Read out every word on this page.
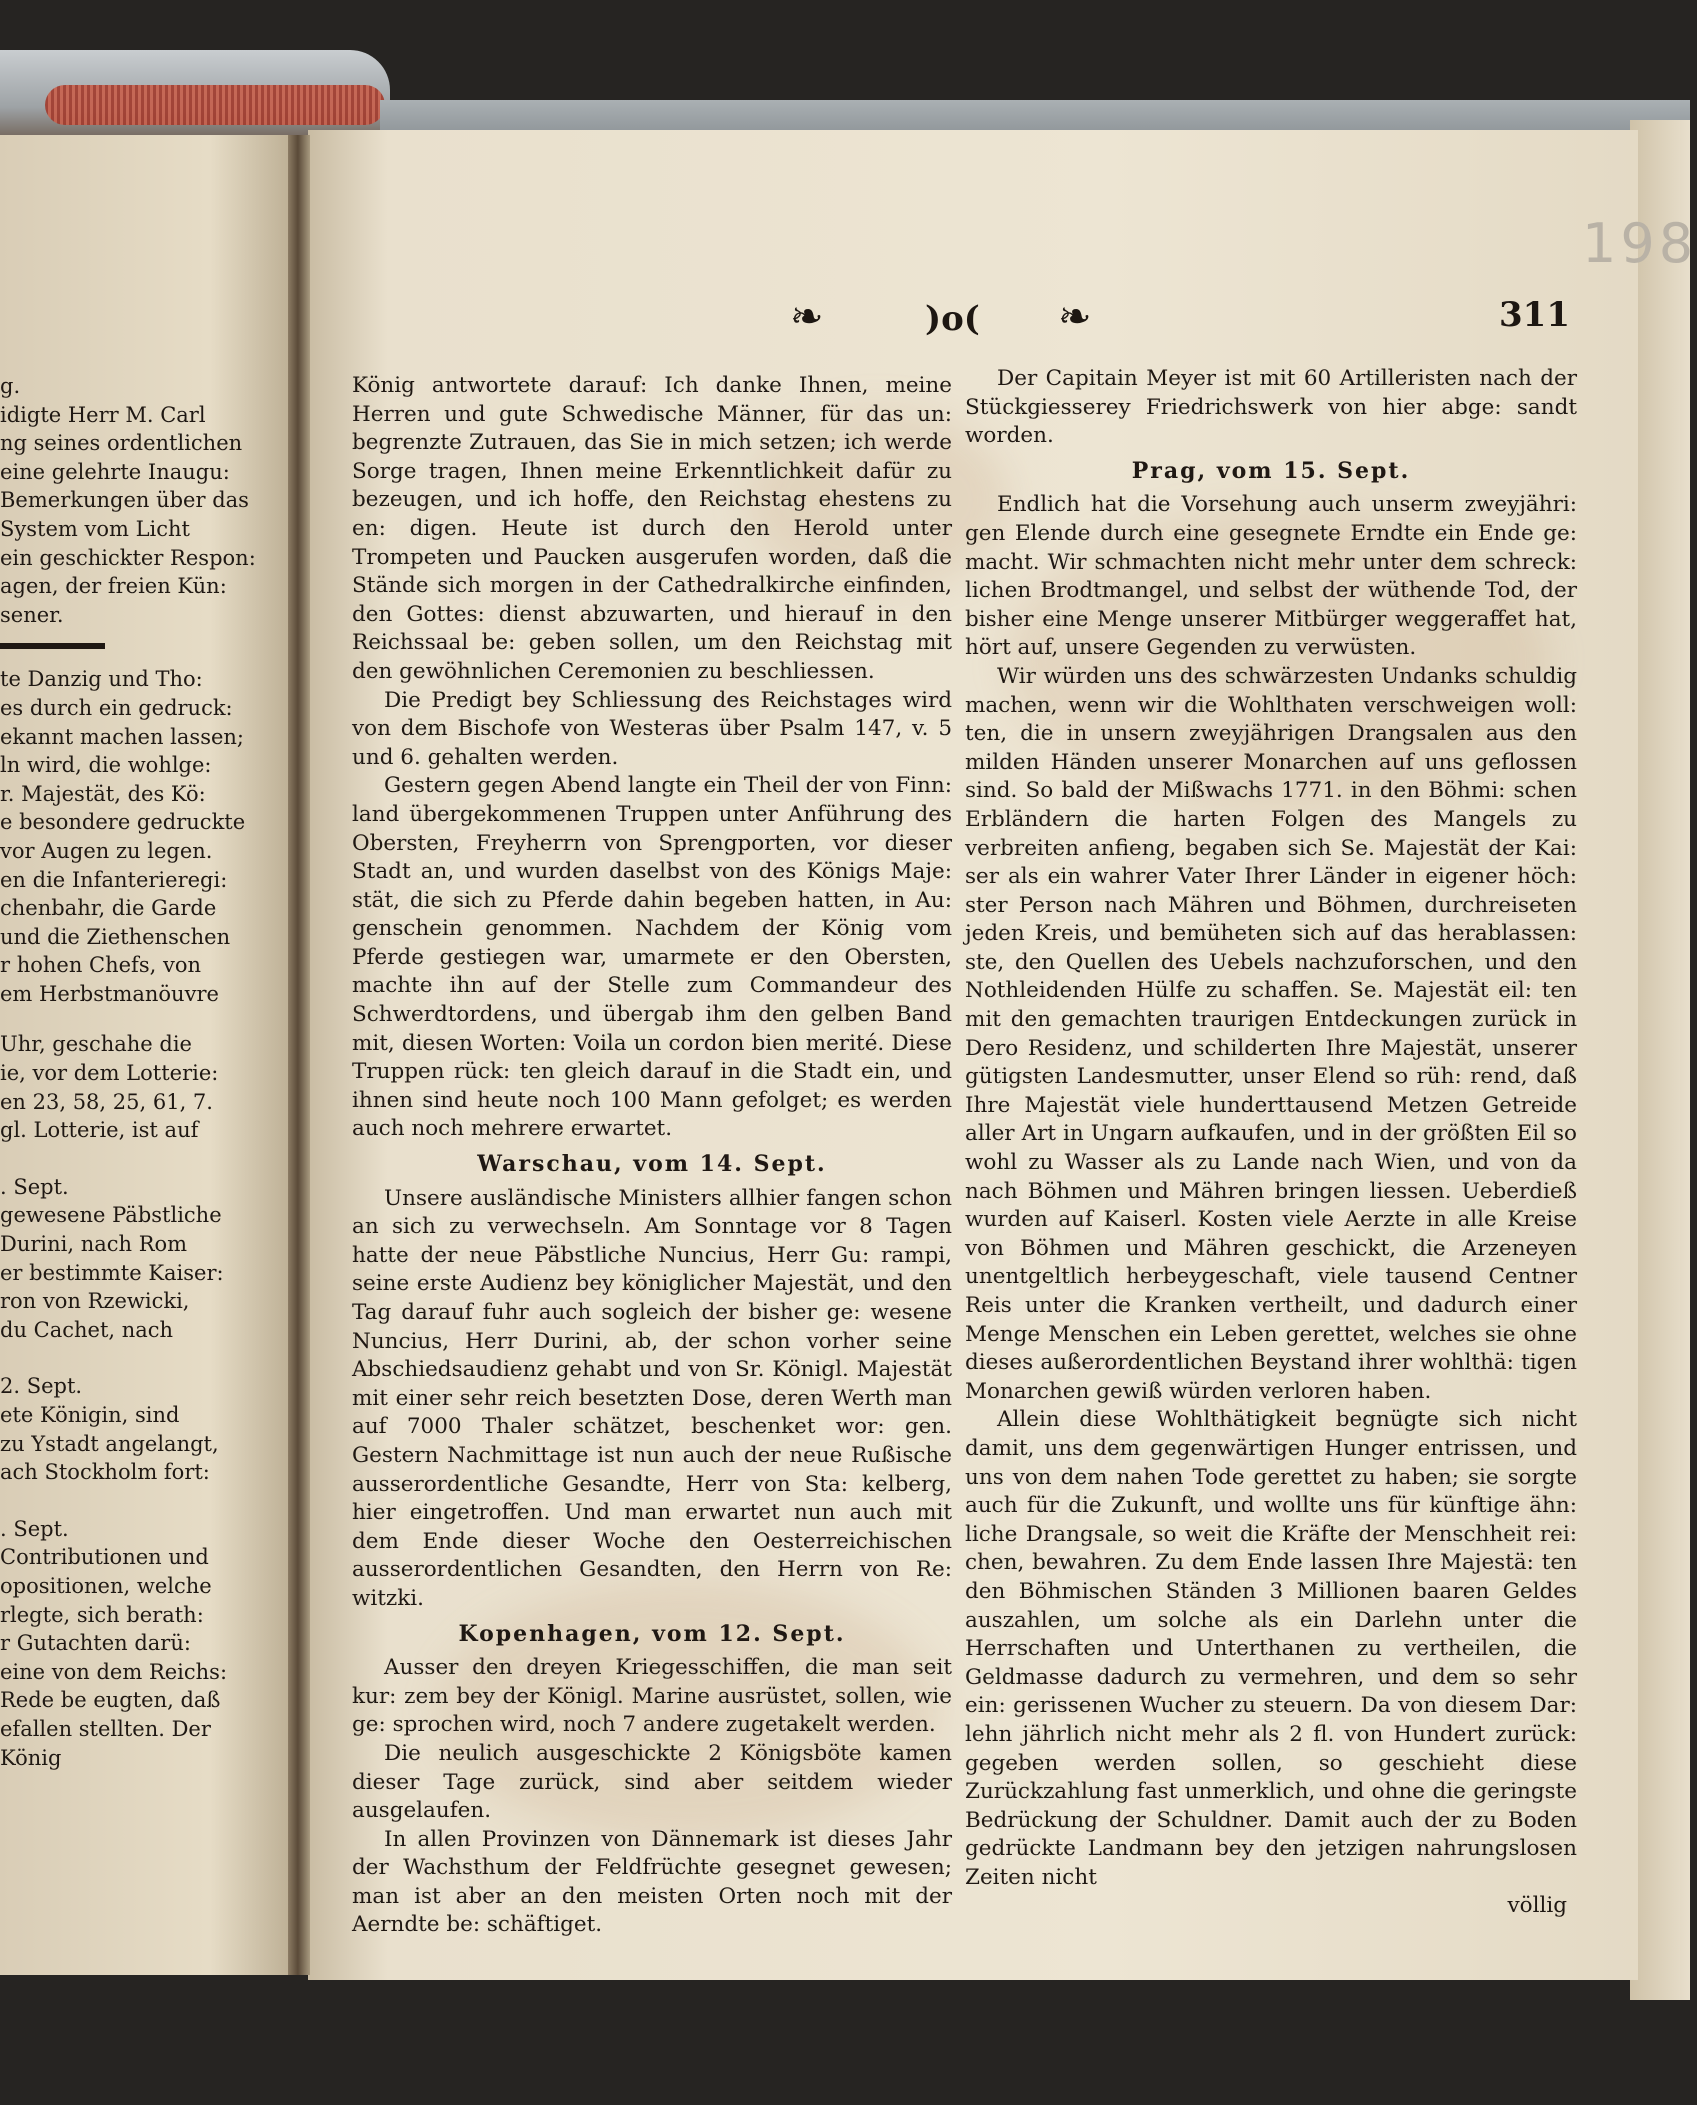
198
❧	)o( ❧	311
g.
idigte Herr M. Carl
ng seines ordentlichen
eine gelehrte Inaugu:
Bemerkungen über das
System vom Licht
ein geschickter Respon:
agen, der freien Kün:
sener.
te Danzig und Tho:
es durch ein gedruck:
ekannt machen lassen;
ln wird, die wohlge:
r. Majestät, des Kö:
e besondere gedruckte
vor Augen zu legen.
en die Infanterieregi:
chenbahr, die Garde
und die Ziethenschen
r hohen Chefs, von
em Herbstmanöuvre
Uhr, geschahe die
ie, vor dem Lotterie:
en 23, 58, 25, 61, 7.
gl. Lotterie, ist auf
. Sept.
gewesene Päbstliche
Durini, nach Rom
er bestimmte Kaiser:
ron von Rzewicki,
du Cachet, nach
2. Sept.
ete Königin, sind
zu Ystadt angelangt,
ach Stockholm fort:
. Sept.
Contributionen und
opositionen, welche
rlegte, sich berath:
r Gutachten darü:
eine von dem Reichs:
Rede be eugten, daß
efallen stellten. Der
König

König antwortete darauf: Ich danke Ihnen, meine Herren und gute Schwedische Männer, für das un: begrenzte Zutrauen, das Sie in mich setzen; ich werde Sorge tragen, Ihnen meine Erkenntlichkeit dafür zu bezeugen, und ich hoffe, den Reichstag ehestens zu en: digen. Heute ist durch den Herold unter Trompeten und Paucken ausgerufen worden, daß die Stände sich morgen in der Cathedralkirche einfinden, den Gottes: dienst abzuwarten, und hierauf in den Reichssaal be: geben sollen, um den Reichstag mit den gewöhnlichen Ceremonien zu beschliessen.

Die Predigt bey Schliessung des Reichstages wird von dem Bischofe von Westeras über Psalm 147, v. 5 und 6. gehalten werden.

Gestern gegen Abend langte ein Theil der von Finn: land übergekommenen Truppen unter Anführung des Obersten, Freyherrn von Sprengporten, vor dieser Stadt an, und wurden daselbst von des Königs Maje: stät, die sich zu Pferde dahin begeben hatten, in Au: genschein genommen. Nachdem der König vom Pferde gestiegen war, umarmete er den Obersten, machte ihn auf der Stelle zum Commandeur des Schwerdtordens, und übergab ihm den gelben Band mit, diesen Worten: Voila un cordon bien merité. Diese Truppen rück: ten gleich darauf in die Stadt ein, und ihnen sind heute noch 100 Mann gefolget; es werden auch noch mehrere erwartet.

Warschau, vom 14. Sept.

Unsere ausländische Ministers allhier fangen schon an sich zu verwechseln. Am Sonntage vor 8 Tagen hatte der neue Päbstliche Nuncius, Herr Gu: rampi, seine erste Audienz bey königlicher Majestät, und den Tag darauf fuhr auch sogleich der bisher ge: wesene Nuncius, Herr Durini, ab, der schon vorher seine Abschiedsaudienz gehabt und von Sr. Königl. Majestät mit einer sehr reich besetzten Dose, deren Werth man auf 7000 Thaler schätzet, beschenket wor: gen. Gestern Nachmittage ist nun auch der neue Rußische ausserordentliche Gesandte, Herr von Sta: kelberg, hier eingetroffen. Und man erwartet nun auch mit dem Ende dieser Woche den Oesterreichischen ausserordentlichen Gesandten, den Herrn von Re: witzki.

Kopenhagen, vom 12. Sept.

Ausser den dreyen Kriegesschiffen, die man seit kur: zem bey der Königl. Marine ausrüstet, sollen, wie ge: sprochen wird, noch 7 andere zugetakelt werden.

Die neulich ausgeschickte 2 Königsböte kamen dieser Tage zurück, sind aber seitdem wieder ausgelaufen.

In allen Provinzen von Dännemark ist dieses Jahr der Wachsthum der Feldfrüchte gesegnet gewesen; man ist aber an den meisten Orten noch mit der Aerndte be: schäftiget.

Der Capitain Meyer ist mit 60 Artilleristen nach der Stückgiesserey Friedrichswerk von hier abge: sandt worden.

Prag, vom 15. Sept.

Endlich hat die Vorsehung auch unserm zweyjähri: gen Elende durch eine gesegnete Erndte ein Ende ge: macht. Wir schmachten nicht mehr unter dem schreck: lichen Brodtmangel, und selbst der wüthende Tod, der bisher eine Menge unserer Mitbürger weggeraffet hat, hört auf, unsere Gegenden zu verwüsten.

Wir würden uns des schwärzesten Undanks schuldig machen, wenn wir die Wohlthaten verschweigen woll: ten, die in unsern zweyjährigen Drangsalen aus den milden Händen unserer Monarchen auf uns geflossen sind. So bald der Mißwachs 1771. in den Böhmi: schen Erbländern die harten Folgen des Mangels zu verbreiten anfieng, begaben sich Se. Majestät der Kai: ser als ein wahrer Vater Ihrer Länder in eigener höch: ster Person nach Mähren und Böhmen, durchreiseten jeden Kreis, und bemüheten sich auf das herablassen: ste, den Quellen des Uebels nachzuforschen, und den Nothleidenden Hülfe zu schaffen. Se. Majestät eil: ten mit den gemachten traurigen Entdeckungen zurück in Dero Residenz, und schilderten Ihre Majestät, unserer gütigsten Landesmutter, unser Elend so rüh: rend, daß Ihre Majestät viele hunderttausend Metzen Getreide aller Art in Ungarn aufkaufen, und in der größten Eil so wohl zu Wasser als zu Lande nach Wien, und von da nach Böhmen und Mähren bringen liessen. Ueberdieß wurden auf Kaiserl. Kosten viele Aerzte in alle Kreise von Böhmen und Mähren geschickt, die Arzeneyen unentgeltlich herbeygeschaft, viele tausend Centner Reis unter die Kranken vertheilt, und dadurch einer Menge Menschen ein Leben gerettet, welches sie ohne dieses außerordentlichen Beystand ihrer wohlthä: tigen Monarchen gewiß würden verloren haben.

Allein diese Wohlthätigkeit begnügte sich nicht damit, uns dem gegenwärtigen Hunger entrissen, und uns von dem nahen Tode gerettet zu haben; sie sorgte auch für die Zukunft, und wollte uns für künftige ähn: liche Drangsale, so weit die Kräfte der Menschheit rei: chen, bewahren. Zu dem Ende lassen Ihre Majestä: ten den Böhmischen Ständen 3 Millionen baaren Geldes auszahlen, um solche als ein Darlehn unter die Herrschaften und Unterthanen zu vertheilen, die Geldmasse dadurch zu vermehren, und dem so sehr ein: gerissenen Wucher zu steuern. Da von diesem Dar: lehn jährlich nicht mehr als 2 fl. von Hundert zurück: gegeben werden sollen, so geschieht diese Zurückzahlung fast unmerklich, und ohne die geringste Bedrückung der Schuldner. Damit auch der zu Boden gedrückte Landmann bey den jetzigen nahrungslosen Zeiten nicht

völlig
